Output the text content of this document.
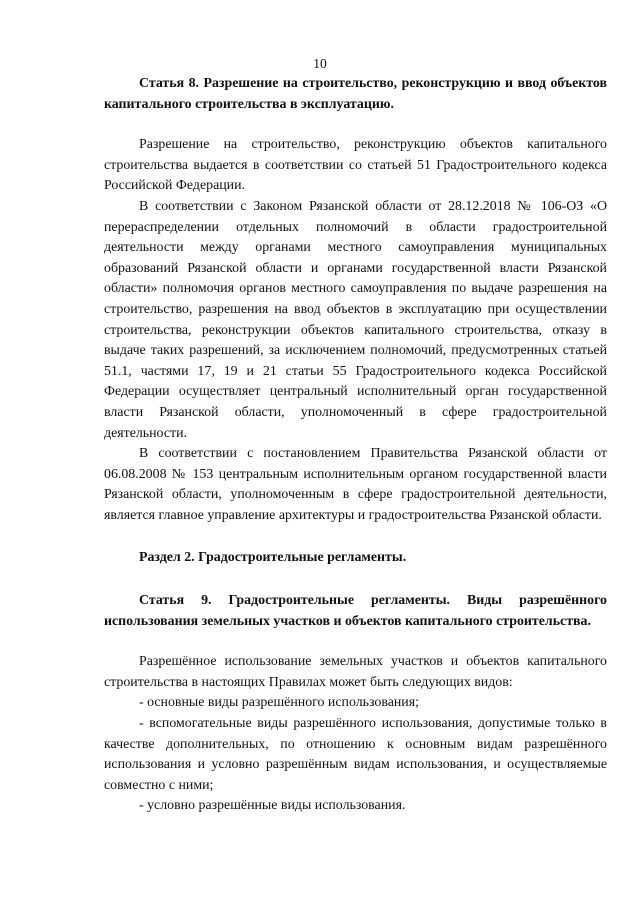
10

Статья 8. Разрешение на строительство, реконструкцию и ввод объектов капитального строительства в эксплуатацию.

Разрешение на строительство, реконструкцию объектов капитального строительства выдается в соответствии со статьей 51 Градостроительного кодекса Российской Федерации.

В соответствии с Законом Рязанской области от 28.12.2018 № 106-ОЗ «О перераспределении отдельных полномочий в области градостроительной деятельности между органами местного самоуправления муниципальных образований Рязанской области и органами государственной власти Рязанской области» полномочия органов местного самоуправления по выдаче разрешения на строительство, разрешения на ввод объектов в эксплуатацию при осуществлении строительства, реконструкции объектов капитального строительства, отказу в выдаче таких разрешений, за исключением полномочий, предусмотренных статьей 51.1, частями 17, 19 и 21 статьи 55 Градостроительного кодекса Российской Федерации осуществляет центральный исполнительный орган государственной власти Рязанской области, уполномоченный в сфере градостроительной деятельности.

В соответствии с постановлением Правительства Рязанской области от 06.08.2008 № 153 центральным исполнительным органом государственной власти Рязанской области, уполномоченным в сфере градостроительной деятельности, является главное управление архитектуры и градостроительства Рязанской области.

Раздел 2. Градостроительные регламенты.

Статья 9. Градостроительные регламенты. Виды разрешённого использования земельных участков и объектов капитального строительства.

Разрешённое использование земельных участков и объектов капитального строительства в настоящих Правилах может быть следующих видов:

- основные виды разрешённого использования;

- вспомогательные виды разрешённого использования, допустимые только в качестве дополнительных, по отношению к основным видам разрешённого использования и условно разрешённым видам использования, и осуществляемые совместно с ними;

- условно разрешённые виды использования.
